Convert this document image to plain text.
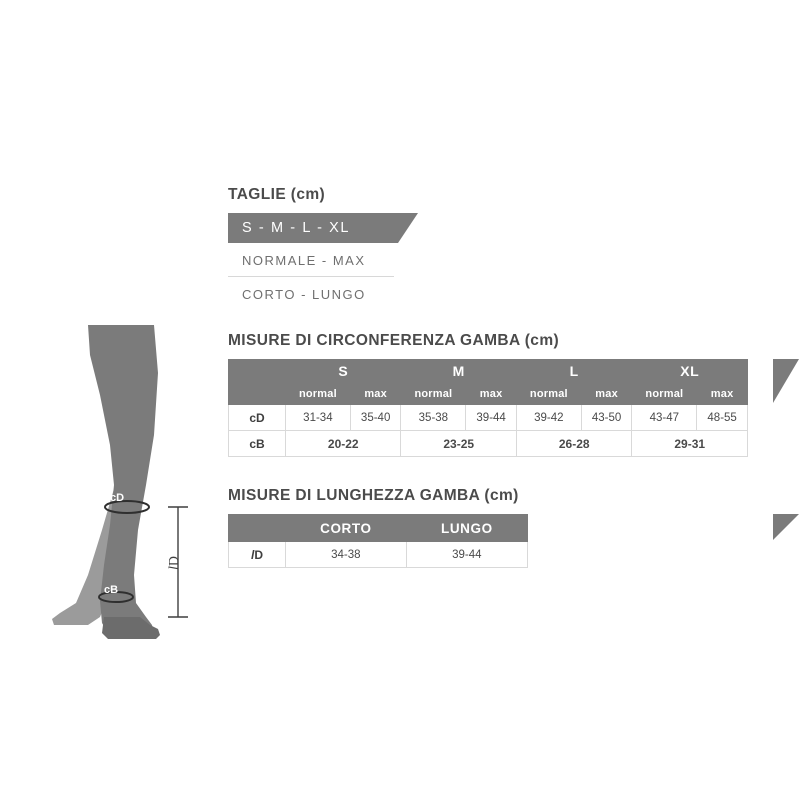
cD
cB
lD
TAGLIE (cm)
S - M - L - XL
NORMALE - MAX
CORTO - LUNGO
MISURE DI CIRCONFERENZA GAMBA (cm)
	S		M		L		XL	
	normal	max	normal	max	normal	max	normal	max
cD	31-34	35-40	35-38	39-44	39-42	43-50	43-47	48-55
cB	20-22		23-25		26-28		29-31	
MISURE DI LUNGHEZZA GAMBA (cm)
	CORTO	LUNGO
lD	34-38	39-44
